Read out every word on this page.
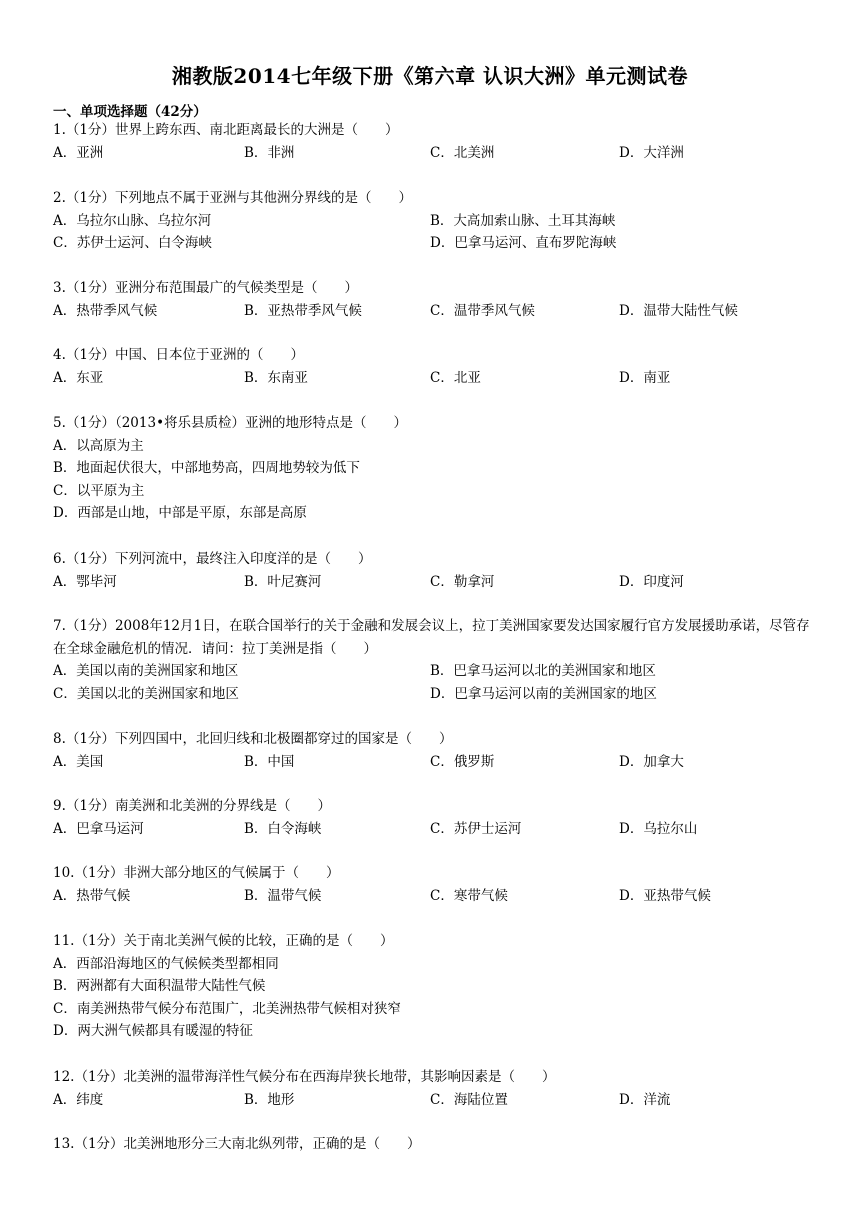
湘教版2014七年级下册《第六章 认识大洲》单元测试卷
一、单项选择题（42分）
1.（1分）世界上跨东西、南北距离最长的大洲是（　　）
A．亚洲	B．非洲	C．北美洲	D．大洋洲
2.（1分）下列地点不属于亚洲与其他洲分界线的是（　　）
A．乌拉尔山脉、乌拉尔河	B．大高加索山脉、土耳其海峡
C．苏伊士运河、白令海峡	D．巴拿马运河、直布罗陀海峡
3.（1分）亚洲分布范围最广的气候类型是（　　）
A．热带季风气候	B．亚热带季风气候	C．温带季风气候	D．温带大陆性气候
4.（1分）中国、日本位于亚洲的（　　）
A．东亚	B．东南亚	C．北亚	D．南亚
5.（1分）（2013•将乐县质检）亚洲的地形特点是（　　）
A．以高原为主
B．地面起伏很大，中部地势高，四周地势较为低下
C．以平原为主
D．西部是山地，中部是平原，东部是高原
6.（1分）下列河流中，最终注入印度洋的是（　　）
A．鄂毕河	B．叶尼赛河	C．勒拿河	D．印度河
7.（1分）2008年12月1日，在联合国举行的关于金融和发展会议上，拉丁美洲国家要发达国家履行官方发展援助承诺，尽管存在全球金融危机的情况．请问：拉丁美洲是指（　　）
A．美国以南的美洲国家和地区	B．巴拿马运河以北的美洲国家和地区
C．美国以北的美洲国家和地区	D．巴拿马运河以南的美洲国家的地区
8.（1分）下列四国中，北回归线和北极圈都穿过的国家是（　　）
A．美国	B．中国	C．俄罗斯	D．加拿大
9.（1分）南美洲和北美洲的分界线是（　　）
A．巴拿马运河	B．白令海峡	C．苏伊士运河	D．乌拉尔山
10.（1分）非洲大部分地区的气候属于（　　）
A．热带气候	B．温带气候	C．寒带气候	D．亚热带气候
11.（1分）关于南北美洲气候的比较，正确的是（　　）
A．西部沿海地区的气候候类型都相同
B．两洲都有大面积温带大陆性气候
C．南美洲热带气候分布范围广，北美洲热带气候相对狭窄
D．两大洲气候都具有暖湿的特征
12.（1分）北美洲的温带海洋性气候分布在西海岸狭长地带，其影响因素是（　　）
A．纬度	B．地形	C．海陆位置	D．洋流
13.（1分）北美洲地形分三大南北纵列带，正确的是（　　）
